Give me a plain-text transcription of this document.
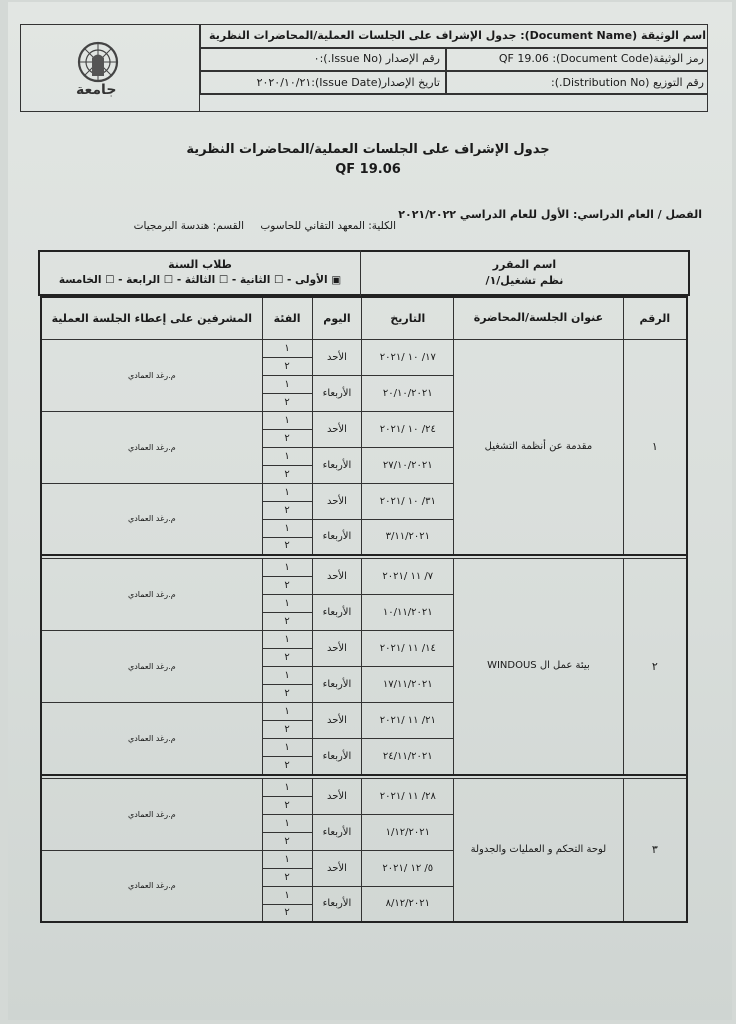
جامعة
اسم الوثيقة (Document Name): جدول الإشراف على الجلسات العملية/المحاضرات النظرية
رمز الوثيقة(Document Code): QF 19.06
رقم الإصدار (Issue No.):٠
رقم التوزيع (Distribution No.):
تاريخ الإصدار(Issue Date):٢٠٢٠/١٠/٢١
جدول الإشراف على الجلسات العملية/المحاضرات النظرية
QF 19.06
الفصل / العام الدراسي: الأول للعام الدراسي ٢٠٢١/٢٠٢٢
الكلية: المعهد التقاني للحاسوب
القسم: هندسة البرمجيات
اسم المقرر
نظم تشغيل/١/
طلاب السنة
▣ الأولى - ☐ الثانية - ☐ الثالثة - ☐ الرابعة - ☐ الخامسة
الرقم	عنوان الجلسة/المحاضرة	التاريخ	اليوم	الفئة	المشرفين على إعطاء الجلسة العملية
١	مقدمة عن أنظمة التشغيل	١٧/ ١٠ /٢٠٢١	الأحد	١	م.رغد العمادي
				٢	
		٢٠/١٠/٢٠٢١	الأربعاء	١	
				٢	
		٢٤/ ١٠ /٢٠٢١	الأحد	١	م.رغد العمادي
				٢	
		٢٧/١٠/٢٠٢١	الأربعاء	١	
				٢	
		٣١/ ١٠ /٢٠٢١	الأحد	١	م.رغد العمادي
				٢	
		٣/١١/٢٠٢١	الأربعاء	١	
				٢	

٢	بيئة عمل ال WINDOUS	٧/ ١١ /٢٠٢١	الأحد	١	م.رغد العمادي
				٢	
		١٠/١١/٢٠٢١	الأربعاء	١	
				٢	
		١٤/ ١١ /٢٠٢١	الأحد	١	م.رغد العمادي
				٢	
		١٧/١١/٢٠٢١	الأربعاء	١	
				٢	
		٢١/ ١١ /٢٠٢١	الأحد	١	م.رغد العمادي
				٢	
		٢٤/١١/٢٠٢١	الأربعاء	١	
				٢	

٣	لوحة التحكم و العمليات والجدولة	٢٨/ ١١ /٢٠٢١	الأحد	١	م.رغد العمادي
				٢	
		١/١٢/٢٠٢١	الأربعاء	١	
				٢	
		٥/ ١٢ /٢٠٢١	الأحد	١	م.رغد العمادي
				٢	
		٨/١٢/٢٠٢١	الأربعاء	١	
				٢	
